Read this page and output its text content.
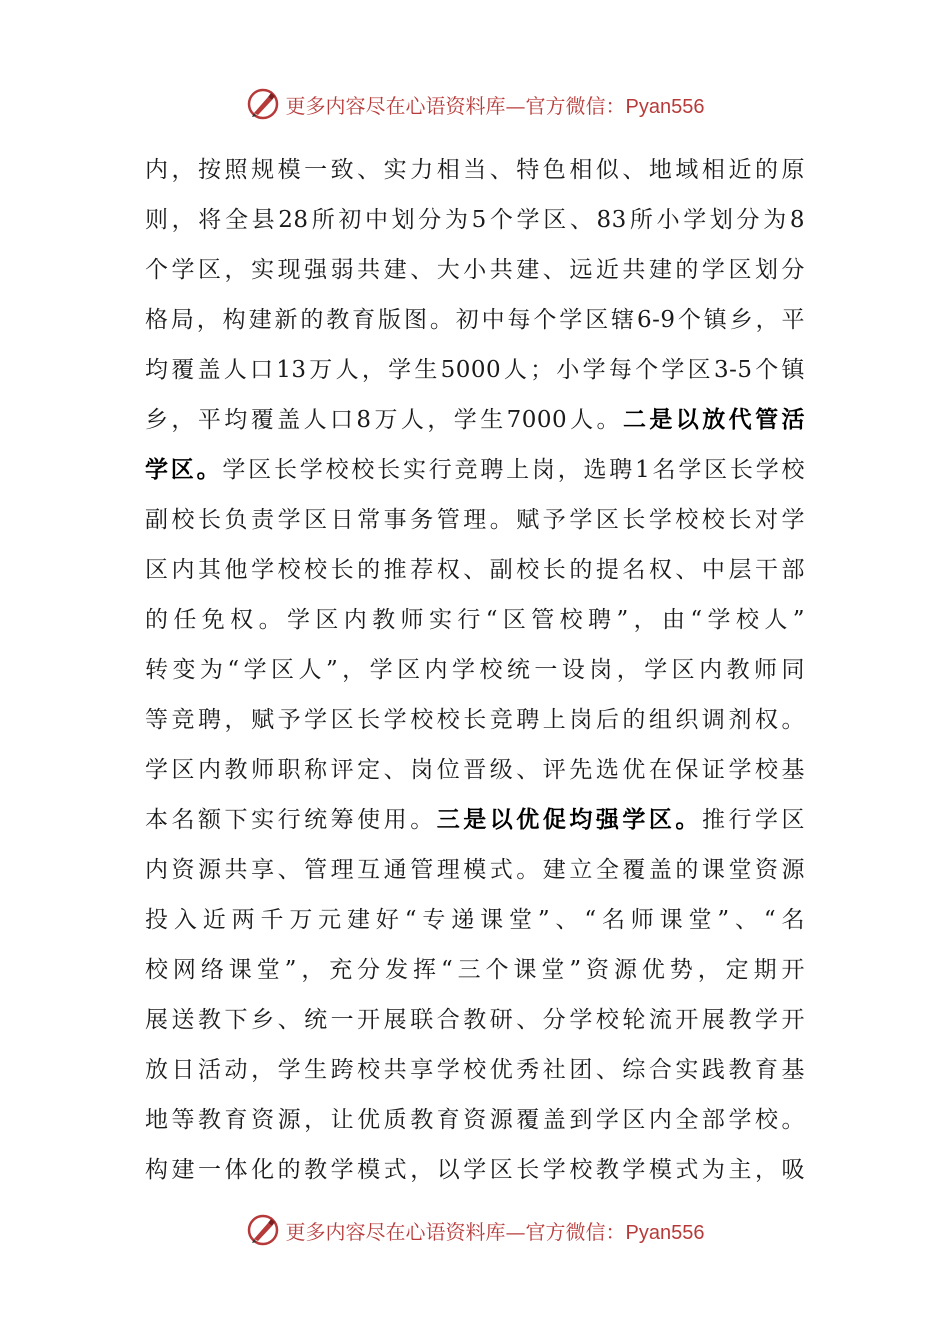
更多内容尽在心语资料库—官方微信：Pyan556
内，按照规模一致、实力相当、特色相似、地域相近的原
则，将全县28所初中划分为5个学区、83所小学划分为8
个学区，实现强弱共建、大小共建、远近共建的学区划分
格局，构建新的教育版图。初中每个学区辖6-9个镇乡，平
均覆盖人口13万人，学生5000人；小学每个学区3-5个镇
乡，平均覆盖人口8万人，学生7000人。二是以放代管活
学区。学区长学校校长实行竞聘上岗，选聘1名学区长学校
副校长负责学区日常事务管理。赋予学区长学校校长对学
区内其他学校校长的推荐权、副校长的提名权、中层干部
的任免权。学区内教师实行“区管校聘”，由“学校人”
转变为“学区人”，学区内学校统一设岗，学区内教师同
等竞聘，赋予学区长学校校长竞聘上岗后的组织调剂权。
学区内教师职称评定、岗位晋级、评先选优在保证学校基
本名额下实行统筹使用。三是以优促均强学区。推行学区
内资源共享、管理互通管理模式。建立全覆盖的课堂资源
投入近两千万元建好“专递课堂”、“名师课堂”、“名
校网络课堂”，充分发挥“三个课堂”资源优势，定期开
展送教下乡、统一开展联合教研、分学校轮流开展教学开
放日活动，学生跨校共享学校优秀社团、综合实践教育基
地等教育资源，让优质教育资源覆盖到学区内全部学校。
构建一体化的教学模式，以学区长学校教学模式为主，吸
更多内容尽在心语资料库—官方微信：Pyan556
